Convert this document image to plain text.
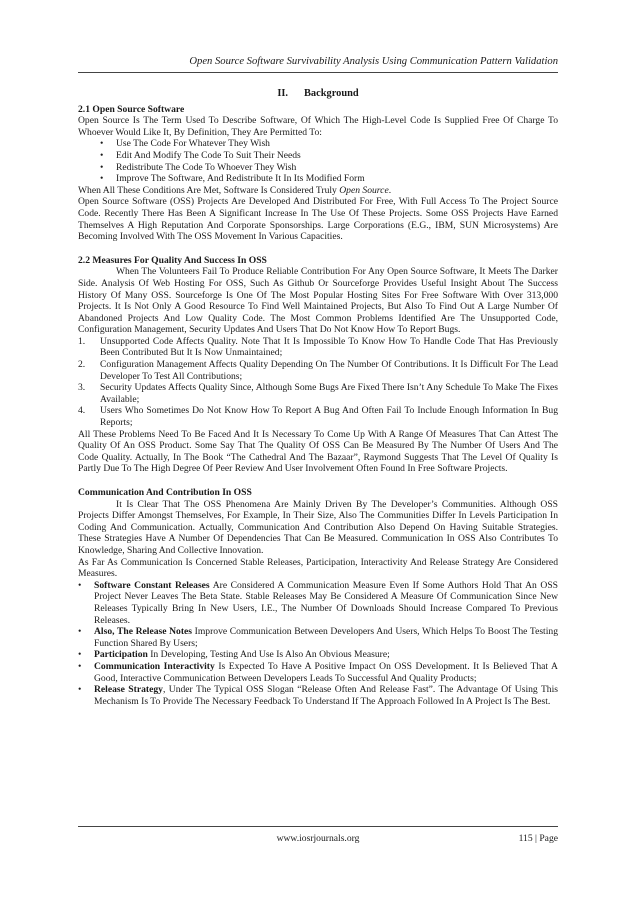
Open Source Software Survivability Analysis Using Communication Pattern Validation
II. Background
2.1 Open Source Software

Open Source Is The Term Used To Describe Software, Of Which The High-Level Code Is Supplied Free Of Charge To Whoever Would Like It, By Definition, They Are Permitted To:

• Use The Code For Whatever They Wish
• Edit And Modify The Code To Suit Their Needs
• Redistribute The Code To Whoever They Wish
• Improve The Software, And Redistribute It In Its Modified Form

When All These Conditions Are Met, Software Is Considered Truly Open Source.

Open Source Software (OSS) Projects Are Developed And Distributed For Free, With Full Access To The Project Source Code. Recently There Has Been A Significant Increase In The Use Of These Projects. Some OSS Projects Have Earned Themselves A High Reputation And Corporate Sponsorships. Large Corporations (E.G., IBM, SUN Microsystems) Are Becoming Involved With The OSS Movement In Various Capacities.

2.2 Measures For Quality And Success In OSS

When The Volunteers Fail To Produce Reliable Contribution For Any Open Source Software, It Meets The Darker Side. Analysis Of Web Hosting For OSS, Such As Github Or Sourceforge Provides Useful Insight About The Success History Of Many OSS. Sourceforge Is One Of The Most Popular Hosting Sites For Free Software With Over 313,000 Projects. It Is Not Only A Good Resource To Find Well Maintained Projects, But Also To Find Out A Large Number Of Abandoned Projects And Low Quality Code. The Most Common Problems Identified Are The Unsupported Code, Configuration Management, Security Updates And Users That Do Not Know How To Report Bugs.

1. Unsupported Code Affects Quality. Note That It Is Impossible To Know How To Handle Code That Has Previously Been Contributed But It Is Now Unmaintained;
2. Configuration Management Affects Quality Depending On The Number Of Contributions. It Is Difficult For The Lead Developer To Test All Contributions;
3. Security Updates Affects Quality Since, Although Some Bugs Are Fixed There Isn’t Any Schedule To Make The Fixes Available;
4. Users Who Sometimes Do Not Know How To Report A Bug And Often Fail To Include Enough Information In Bug Reports;

All These Problems Need To Be Faced And It Is Necessary To Come Up With A Range Of Measures That Can Attest The Quality Of An OSS Product. Some Say That The Quality Of OSS Can Be Measured By The Number Of Users And The Code Quality. Actually, In The Book “The Cathedral And The Bazaar”, Raymond Suggests That The Level Of Quality Is Partly Due To The High Degree Of Peer Review And User Involvement Often Found In Free Software Projects.

Communication And Contribution In OSS

It Is Clear That The OSS Phenomena Are Mainly Driven By The Developer’s Communities. Although OSS Projects Differ Amongst Themselves, For Example, In Their Size, Also The Communities Differ In Levels Participation In Coding And Communication. Actually, Communication And Contribution Also Depend On Having Suitable Strategies. These Strategies Have A Number Of Dependencies That Can Be Measured. Communication In OSS Also Contributes To Knowledge, Sharing And Collective Innovation.

As Far As Communication Is Concerned Stable Releases, Participation, Interactivity And Release Strategy Are Considered Measures.

• Software Constant Releases Are Considered A Communication Measure Even If Some Authors Hold That An OSS Project Never Leaves The Beta State. Stable Releases May Be Considered A Measure Of Communication Since New Releases Typically Bring In New Users, I.E., The Number Of Downloads Should Increase Compared To Previous Releases.
• Also, The Release Notes Improve Communication Between Developers And Users, Which Helps To Boost The Testing Function Shared By Users;
• Participation In Developing, Testing And Use Is Also An Obvious Measure;
• Communication Interactivity Is Expected To Have A Positive Impact On OSS Development. It Is Believed That A Good, Interactive Communication Between Developers Leads To Successful And Quality Products;
• Release Strategy, Under The Typical OSS Slogan “Release Often And Release Fast”. The Advantage Of Using This Mechanism Is To Provide The Necessary Feedback To Understand If The Approach Followed In A Project Is The Best.
www.iosrjournals.org	115 | Page
